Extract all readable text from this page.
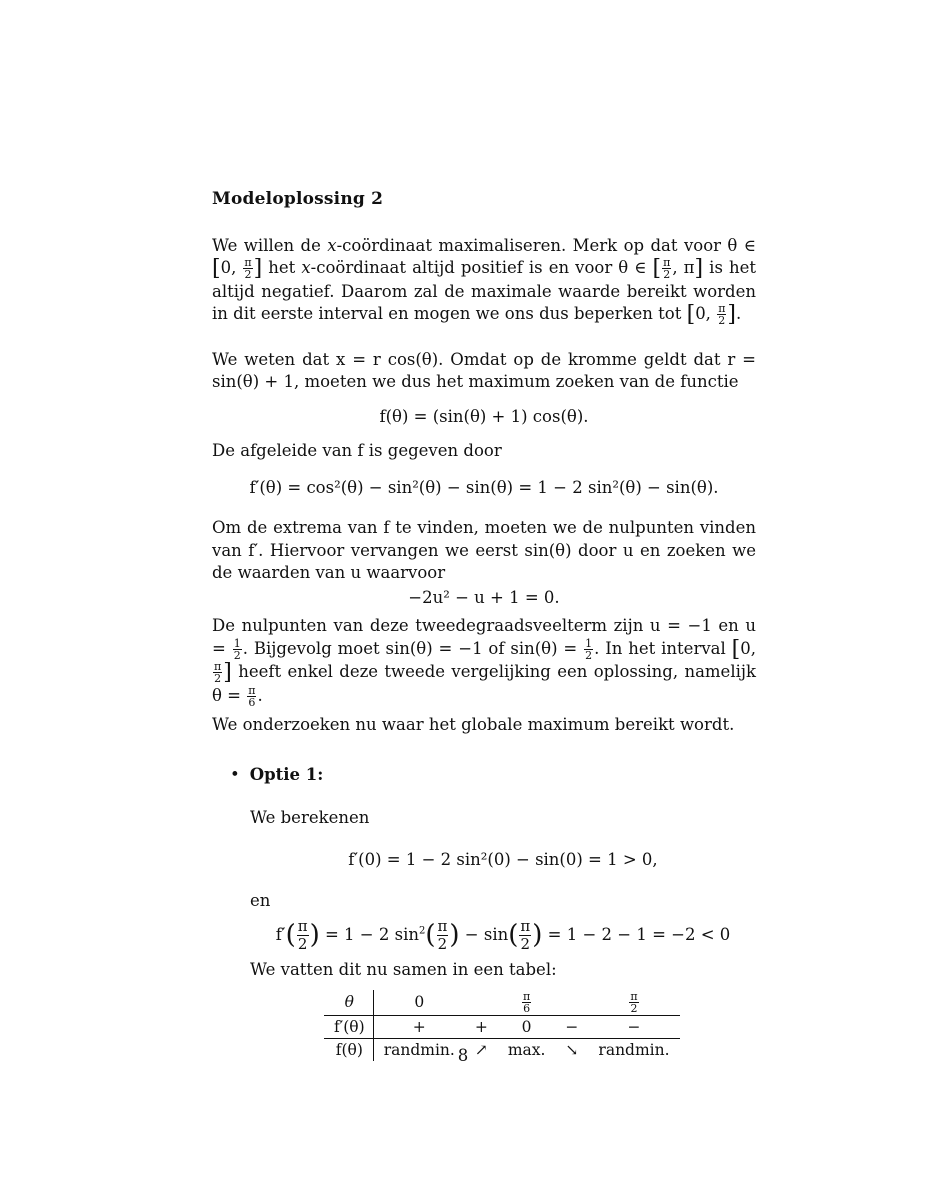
Modeloplossing 2

We willen de x-coördinaat maximaliseren. Merk op dat voor θ ∈ [0, $\frac{\pi}{2}$ ] het x-coördinaat altijd positief is en voor θ ∈ [ $\frac{\pi}{2}$ , π] is het altijd negatief. Daarom zal de maximale waarde bereikt worden in dit eerste interval en mogen we ons dus beperken tot [0, $\frac{\pi}{2}$ ].

We weten dat x = r cos(θ). Omdat op de kromme geldt dat r = sin(θ) + 1, moeten we dus het maximum zoeken van de functie

f(θ) = (sin(θ) + 1) cos(θ).

De afgeleide van f is gegeven door

f′(θ) = cos²(θ) − sin²(θ) − sin(θ) = 1 − 2 sin²(θ) − sin(θ).

Om de extrema van f te vinden, moeten we de nulpunten vinden van f′. Hiervoor vervangen we eerst sin(θ) door u en zoeken we de waarden van u waarvoor

−2u² − u + 1 = 0.

De nulpunten van deze tweedegraadsveelterm zijn u = −1 en $u = \frac{1}{2}$ . Bijgevolg moet sin(θ) = −1 of $\sin(\theta) = \frac{1}{2}$ . In het interval [0,
$\frac{\pi}{2}$ ] heeft enkel deze tweede vergelijking een oplossing, namelijk $\theta = \frac{\pi}{6}$ .

We onderzoeken nu waar het globale maximum bereikt wordt.

• Optie 1:

We berekenen

f′(0) = 1 − 2 sin²(0) − sin(0) = 1 > 0,

en

$f'( \frac{\pi}{2}$ ) = 1 − 2 $\sin^2( \frac{\pi}{2}$ ) − $\sin( \frac{\pi}{2}$ ) = 1 − 2 − 1 = −2 < 0

We vatten dit nu samen in een tabel:

θ	0		$\frac{\pi}{6}$		$\frac{\pi}{2}$

f′(θ)	+	+	0	−	−
f(θ)	randmin.	↗	max.	↘	randmin.
8
